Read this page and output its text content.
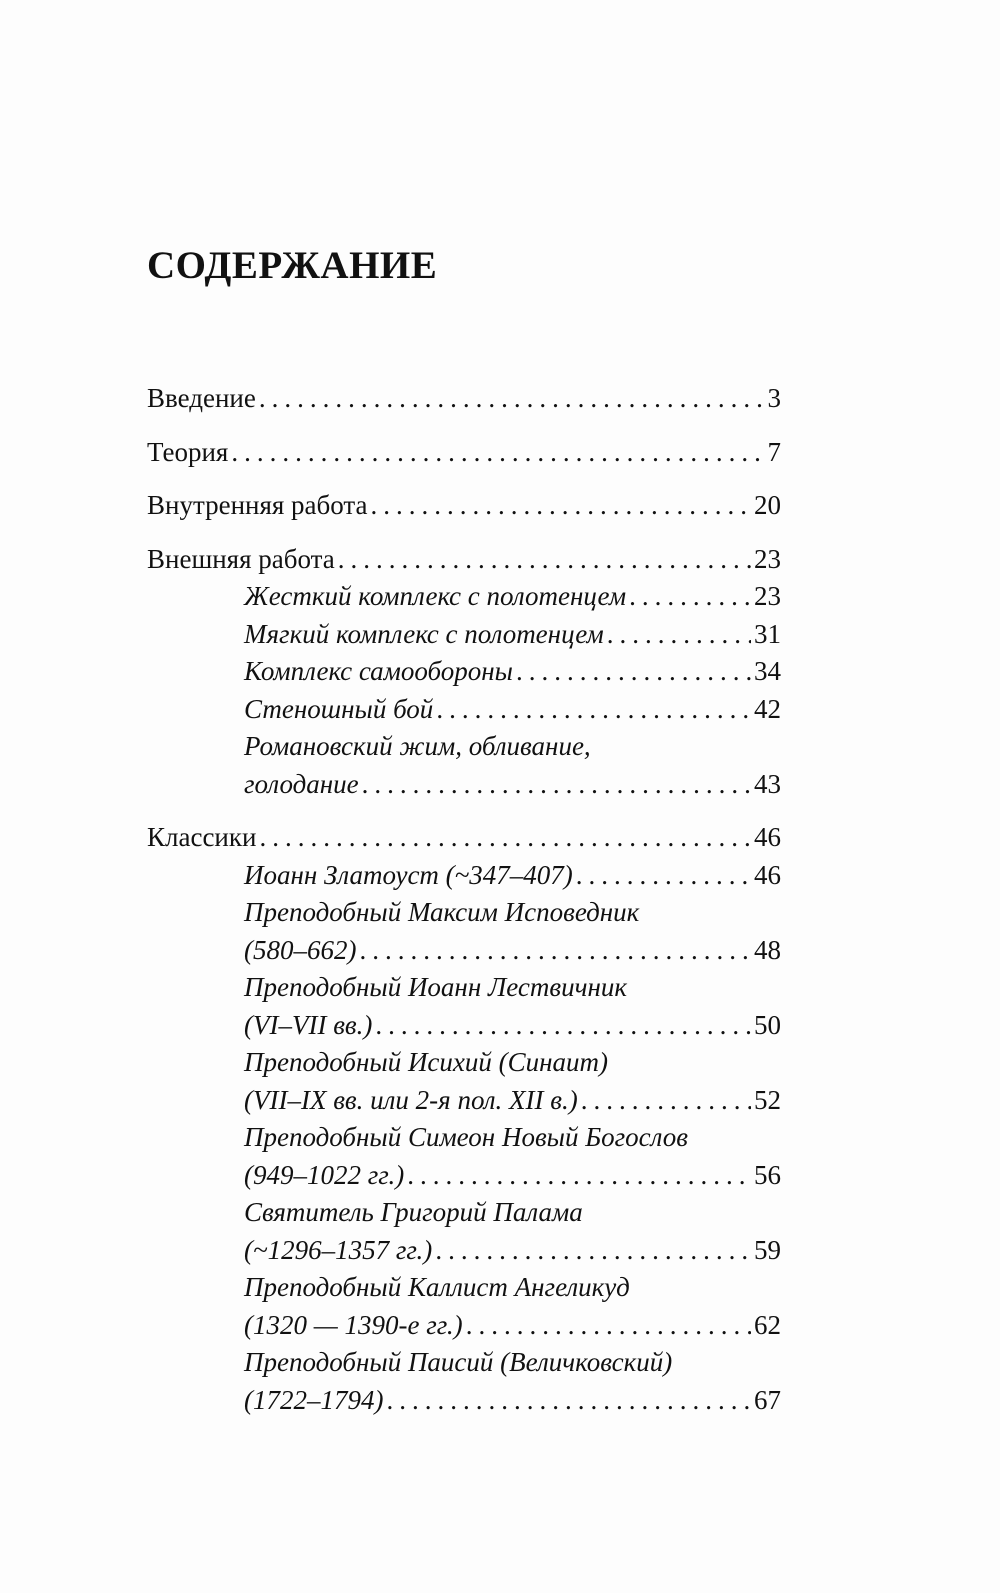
СОДЕРЖАНИЕ
Введение .....	3
Теория .....	7
Внутренняя работа .....	20
Внешняя работа .....	23
Жесткий комплекс с полотенцем .....	23
Мягкий комплекс с полотенцем .....	31
Комплекс самообороны .....	34
Стеношный бой .....	42
Романовский жим, обливание,
голодание .....	43
Классики .....	46
Иоанн Златоуст (~347–407) .....	46
Преподобный Максим Исповедник
(580–662) .....	48
Преподобный Иоанн Лествичник
(VI–VII вв.) .....	50
Преподобный Исихий (Синаит)
(VII–IX вв. или 2-я пол. XII в.) .....	52
Преподобный Симеон Новый Богослов
(949–1022 гг.) .....	56
Святитель Григорий Палама
(~1296–1357 гг.) .....	59
Преподобный Каллист Ангеликуд
(1320 — 1390-е гг.) .....	62
Преподобный Паисий (Величковский)
(1722–1794) .....	67
